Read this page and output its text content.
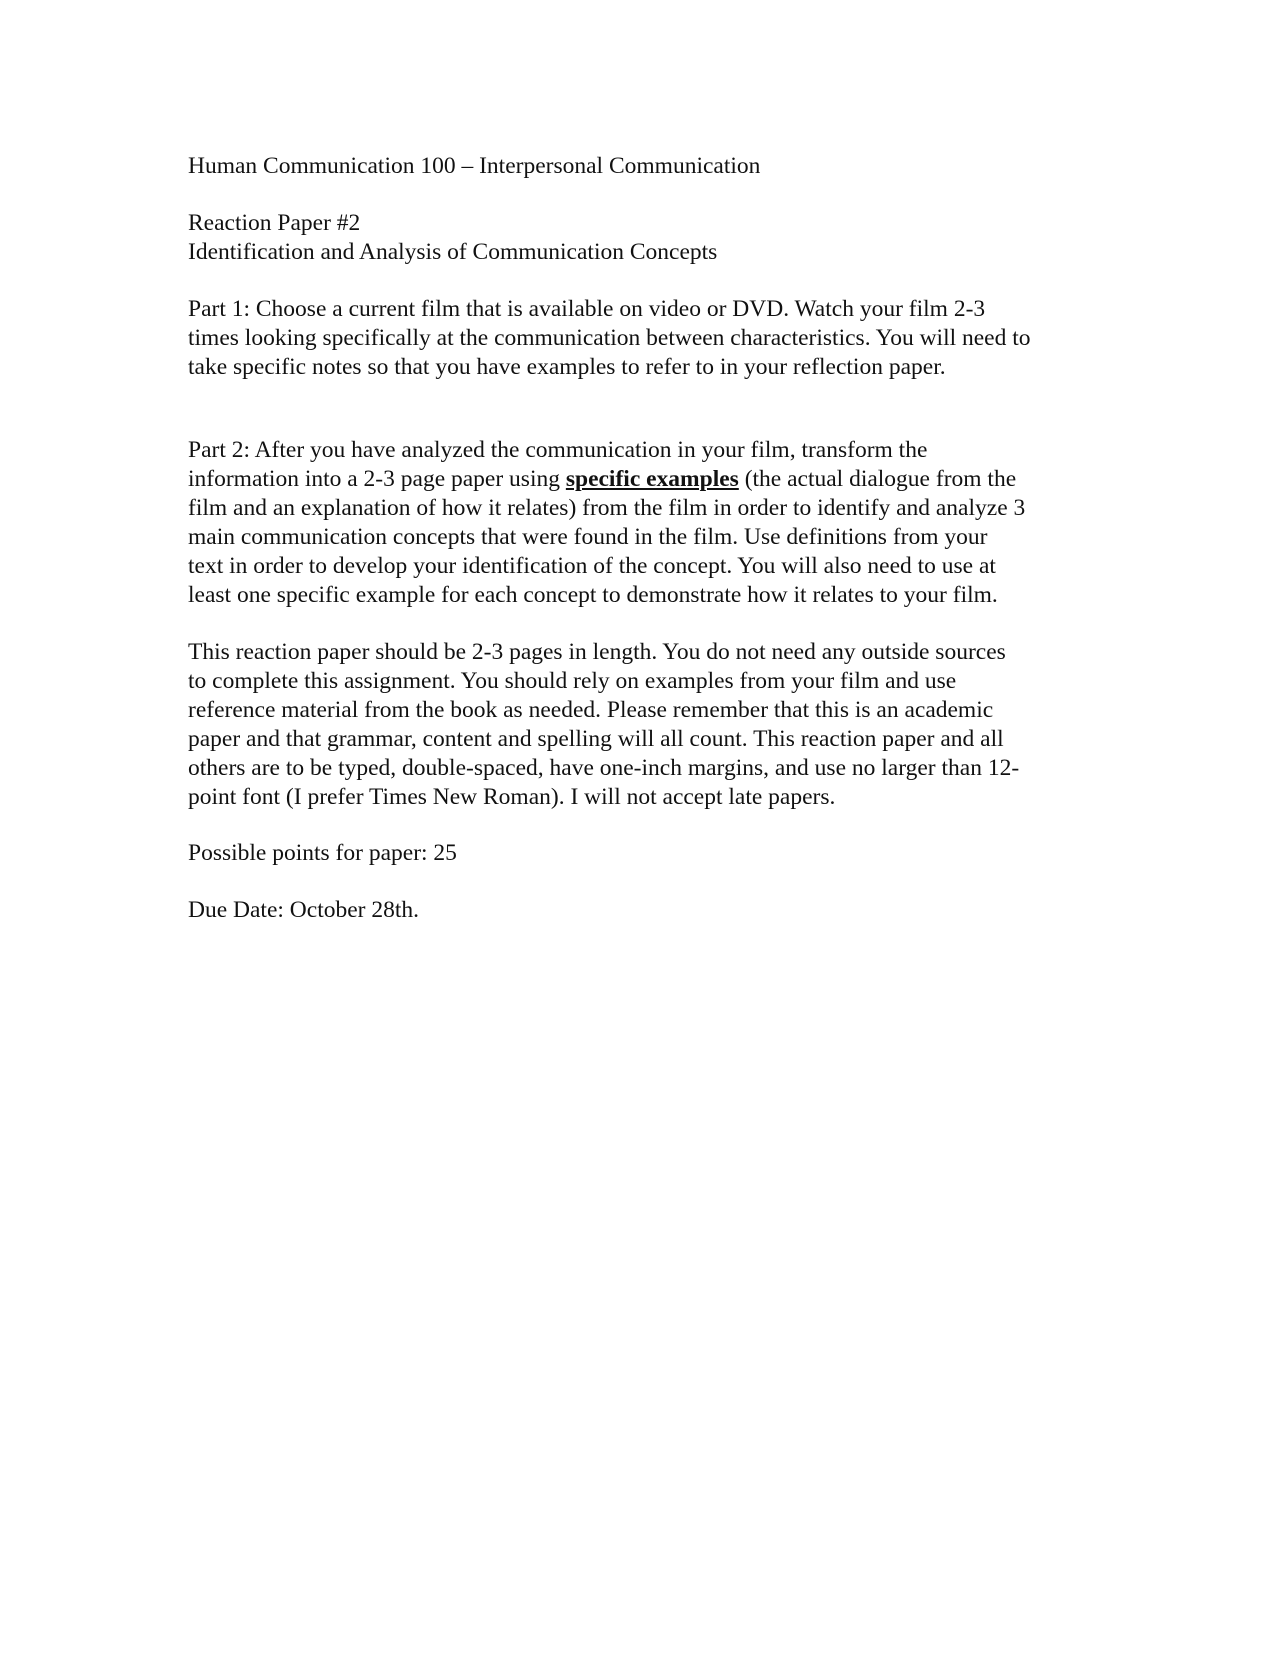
Human Communication 100 – Interpersonal Communication
Reaction Paper #2
Identification and Analysis of Communication Concepts
Part 1: Choose a current film that is available on video or DVD. Watch your film 2-3
times looking specifically at the communication between characteristics. You will need to
take specific notes so that you have examples to refer to in your reflection paper.
Part 2: After you have analyzed the communication in your film, transform the
information into a 2-3 page paper using specific examples (the actual dialogue from the
film and an explanation of how it relates) from the film in order to identify and analyze 3
main communication concepts that were found in the film. Use definitions from your
text in order to develop your identification of the concept. You will also need to use at
least one specific example for each concept to demonstrate how it relates to your film.
This reaction paper should be 2-3 pages in length. You do not need any outside sources
to complete this assignment. You should rely on examples from your film and use
reference material from the book as needed. Please remember that this is an academic
paper and that grammar, content and spelling will all count. This reaction paper and all
others are to be typed, double-spaced, have one-inch margins, and use no larger than 12-
point font (I prefer Times New Roman). I will not accept late papers.
Possible points for paper: 25
Due Date: October 28th.
